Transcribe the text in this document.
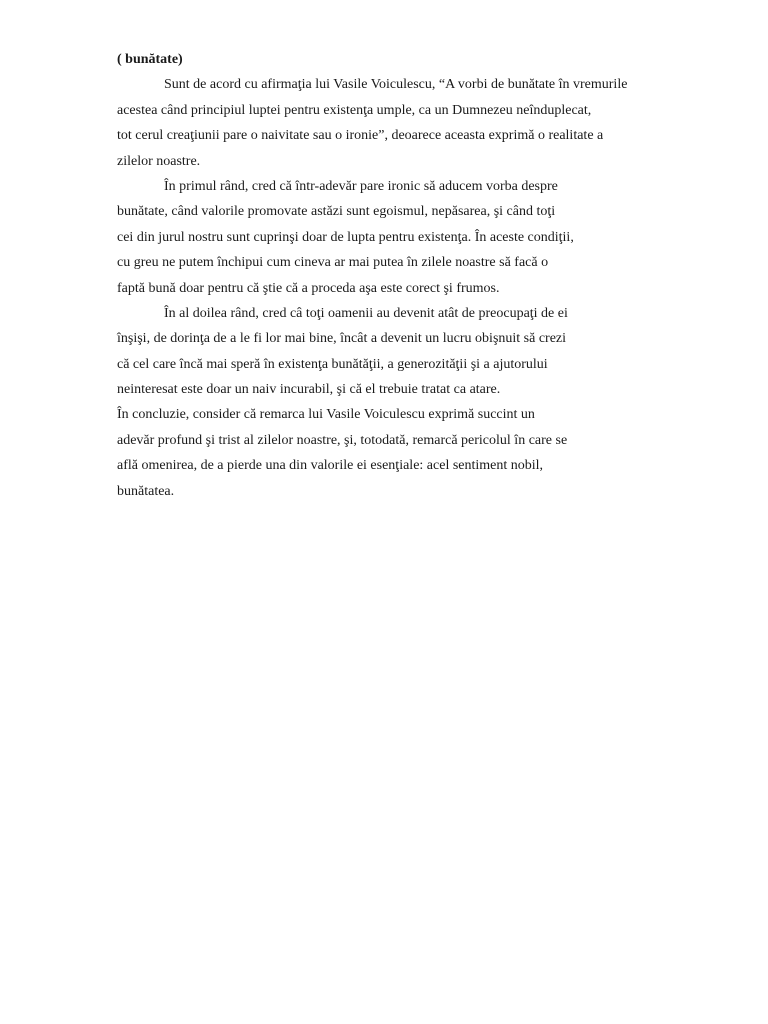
( bunătate)
Sunt de acord cu afirmaţia lui Vasile Voiculescu, “A vorbi de bunătate în vremurile
acestea când principiul luptei pentru existenţa umple, ca un Dumnezeu neînduplecat,
tot cerul creaţiunii pare o naivitate sau o ironie”, deoarece aceasta exprimă o realitate a
zilelor noastre.
În primul rând, cred că într-adevăr pare ironic să aducem vorba despre
bunătate, când valorile promovate astăzi sunt egoismul, nepăsarea, şi când toţi
cei din jurul nostru sunt cuprinşi doar de lupta pentru existenţa. În aceste condiţii,
cu greu ne putem închipui cum cineva ar mai putea în zilele noastre să facă o
faptă bună doar pentru că ştie că a proceda aşa este corect şi frumos.
În al doilea rând, cred câ toţi oamenii au devenit atât de preocupaţi de ei
înşişi, de dorinţa de a le fi lor mai bine, încât a devenit un lucru obişnuit să crezi
că cel care încă mai speră în existenţa bunătăţii, a generozităţii şi a ajutorului
neinteresat este doar un naiv incurabil, şi că el trebuie tratat ca atare.
În concluzie, consider că remarca lui Vasile Voiculescu exprimă succint un
adevăr profund şi trist al zilelor noastre, şi, totodată, remarcă pericolul în care se
află omenirea, de a pierde una din valorile ei esenţiale: acel sentiment nobil,
bunătatea.
